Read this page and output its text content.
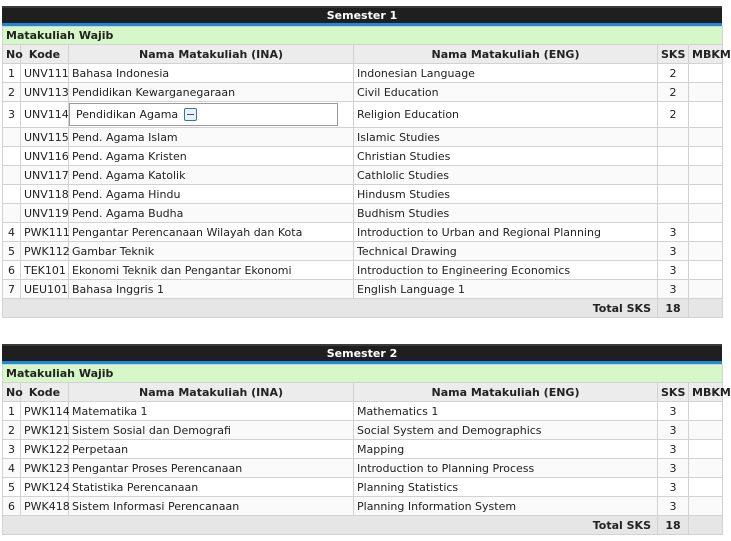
Semester 1
Matakuliah Wajib					
No	Kode	Nama Matakuliah (INA)	Nama Matakuliah (ENG)	SKS	MBKM
1	UNV111	Bahasa Indonesia	Indonesian Language	2	
2	UNV113	Pendidikan Kewarganegaraan	Civil Education	2	
3	UNV114	Pendidikan Agama	Religion Education	2	
	UNV115	Pend. Agama Islam	Islamic Studies		
	UNV116	Pend. Agama Kristen	Christian Studies		
	UNV117	Pend. Agama Katolik	Cathlolic Studies		
	UNV118	Pend. Agama Hindu	Hindusm Studies		
	UNV119	Pend. Agama Budha	Budhism Studies		
4	PWK111	Pengantar Perencanaan Wilayah dan Kota	Introduction to Urban and Regional Planning	3	
5	PWK112	Gambar Teknik	Technical Drawing	3	
6	TEK101	Ekonomi Teknik dan Pengantar Ekonomi	Introduction to Engineering Economics	3	
7	UEU101	Bahasa Inggris 1	English Language 1	3	
Total SKS				18	
Semester 2
Matakuliah Wajib					
No	Kode	Nama Matakuliah (INA)	Nama Matakuliah (ENG)	SKS	MBKM
1	PWK114	Matematika 1	Mathematics 1	3	
2	PWK121	Sistem Sosial dan Demografi	Social System and Demographics	3	
3	PWK122	Perpetaan	Mapping	3	
4	PWK123	Pengantar Proses Perencanaan	Introduction to Planning Process	3	
5	PWK124	Statistika Perencanaan	Planning Statistics	3	
6	PWK418	Sistem Informasi Perencanaan	Planning Information System	3	
Total SKS				18	
